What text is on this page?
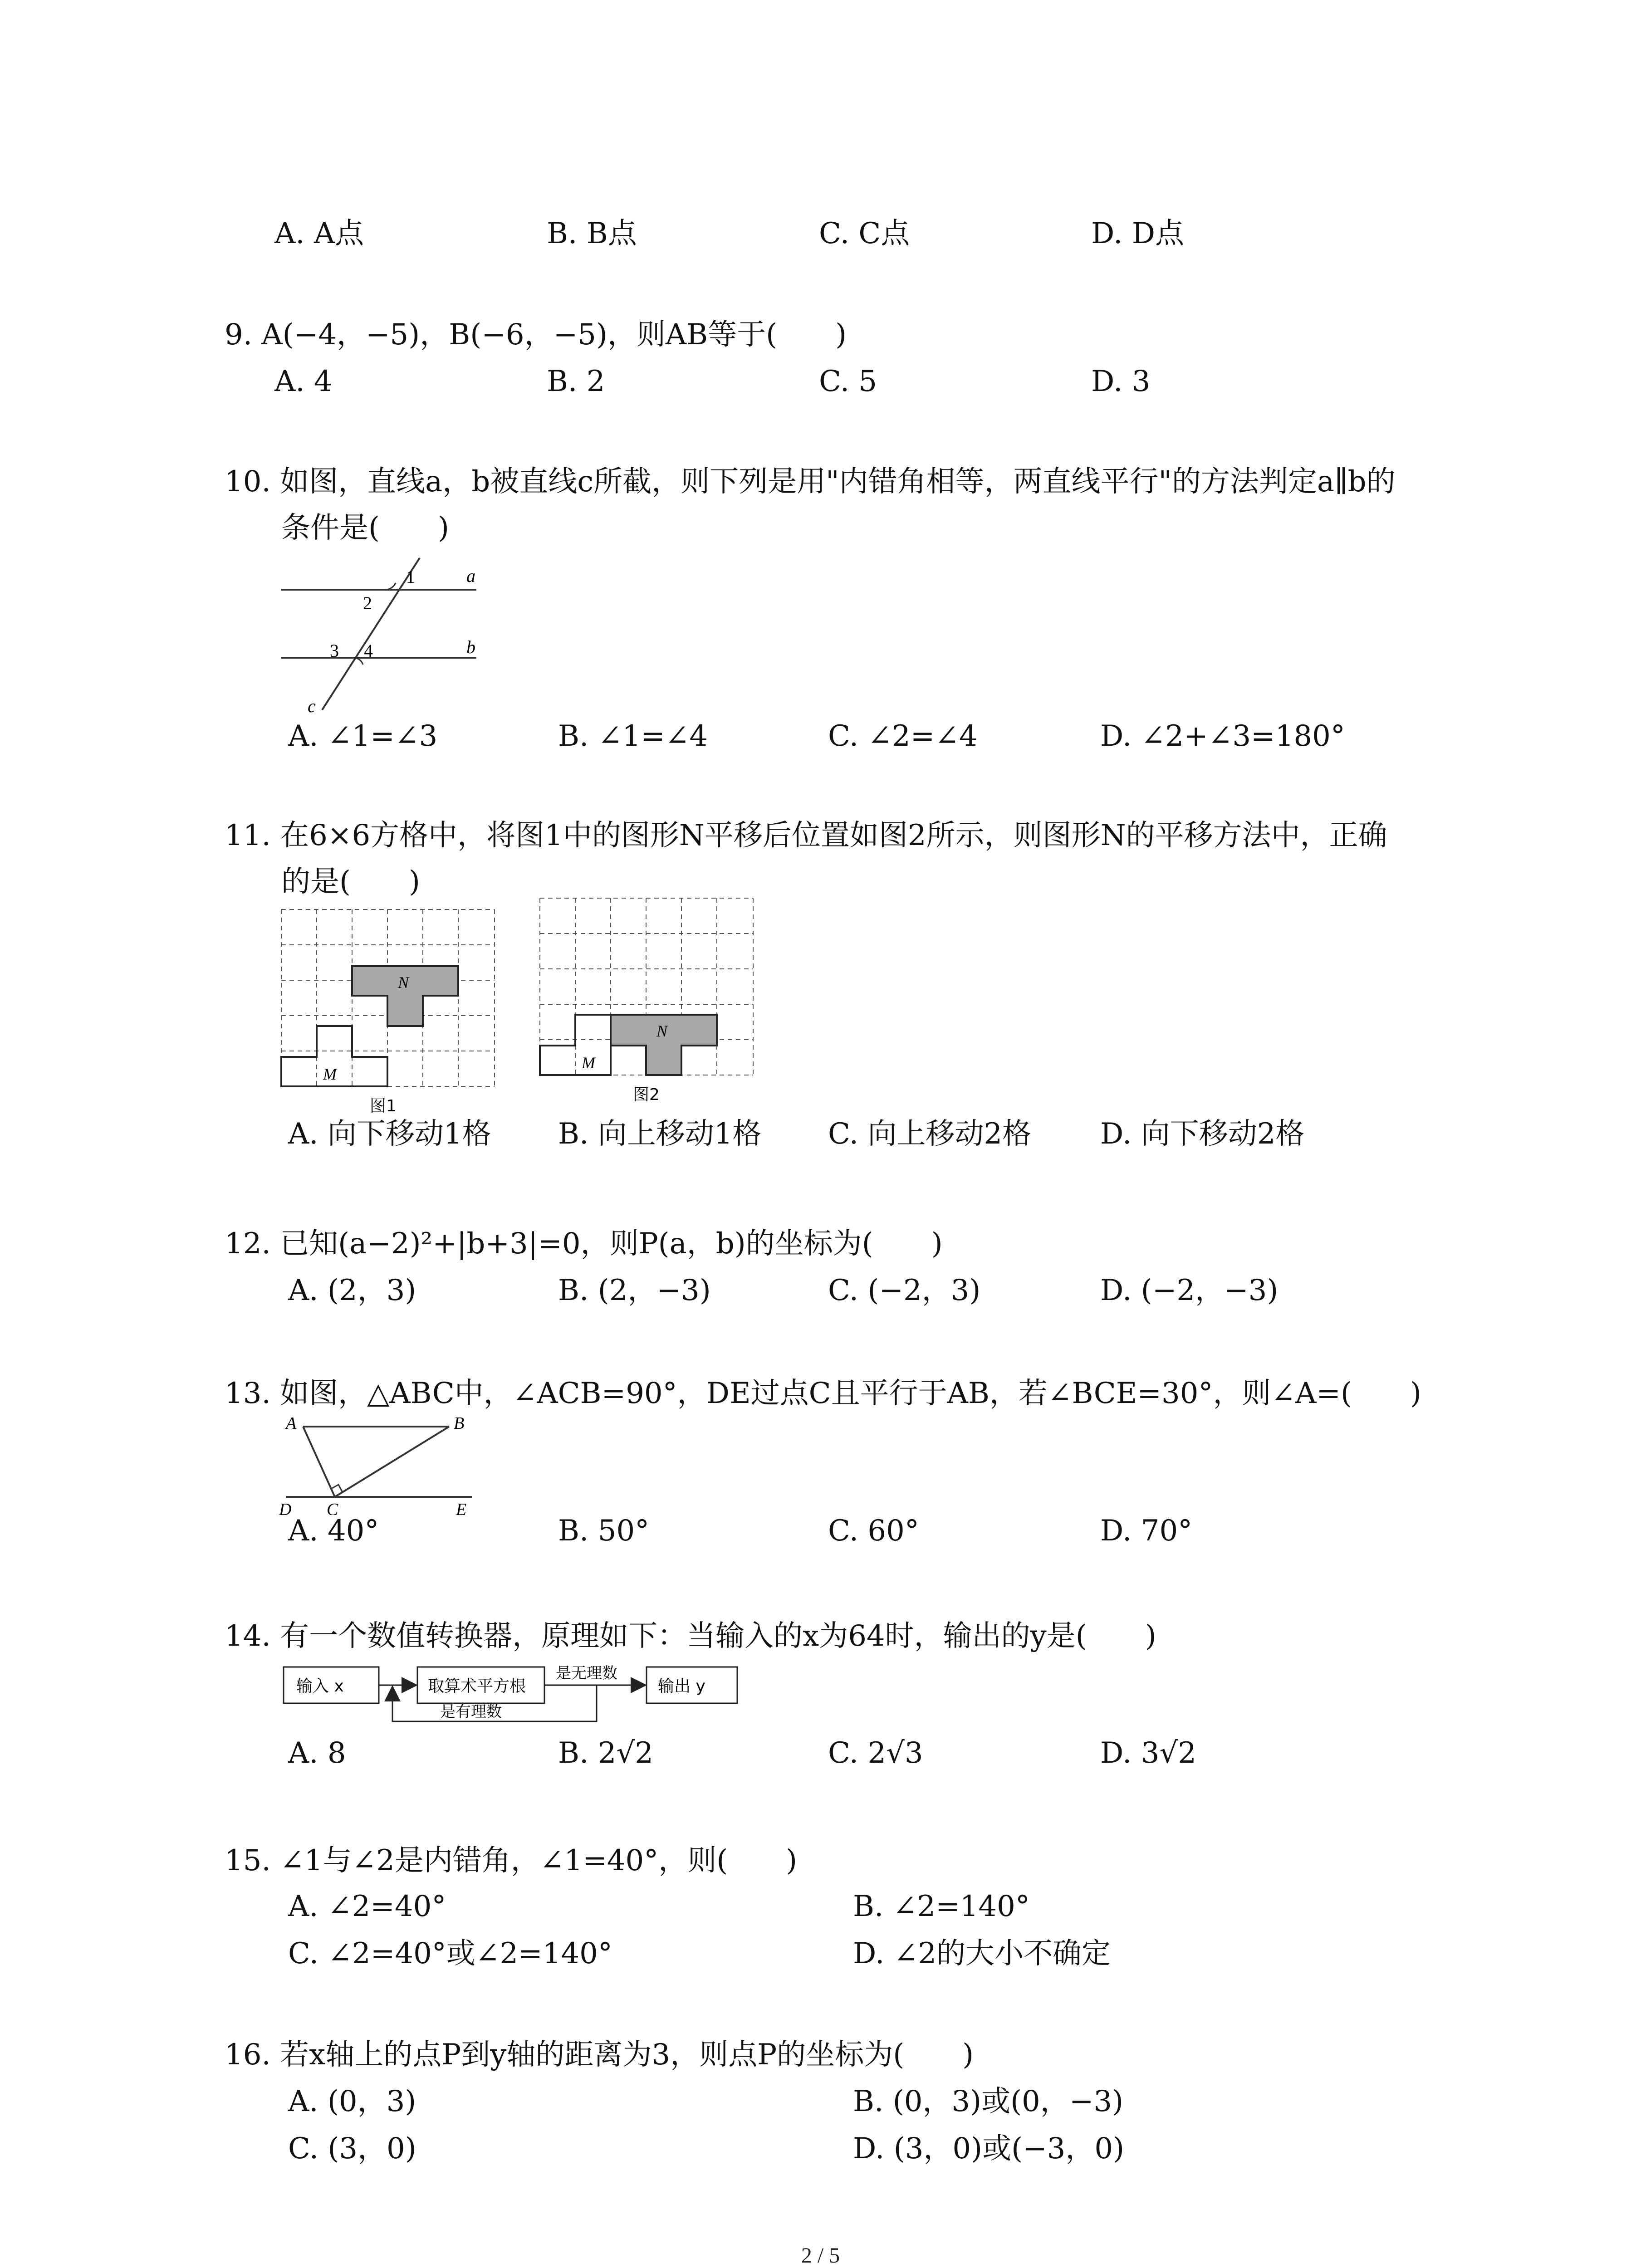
A. A点	B. B点	C. C点	D. D点
9. A(−4，−5)，B(−6，−5)，则AB等于(　　)
A. 4	B. 2	C. 5	D. 3
10. 如图，直线a，b被直线c所截，则下列是用"内错角相等，两直线平行"的方法判定a∥b的
条件是(　　)
1
2
3 4
a
b
c
A. ∠1=∠3	B. ∠1=∠4	C. ∠2=∠4	D. ∠2+∠3=180°
11. 在6×6方格中，将图1中的图形N平移后位置如图2所示，则图形N的平移方法中，正确
的是(　　)
N
M
图1
N
M
图2
A. 向下移动1格 B. 向上移动1格 C. 向上移动2格 D. 向下移动2格
12. 已知(a−2)²+|b+3|=0，则P(a，b)的坐标为(　　)
A. (2，3)	B. (2，−3)	C. (−2，3)	D. (−2，−3)
13. 如图，△ABC中，∠ACB=90°，DE过点C且平行于AB，若∠BCE=30°，则∠A=(　　)
A	B
D C	E
A. 40°	B. 50°	C. 60°	D. 70°
14. 有一个数值转换器，原理如下：当输入的x为64时，输出的y是(　　)
输入 x	取算术平方根
是无理数
输出 y
是有理数
A. 8	B. 2√2	C. 2√3	D. 3√2
15. ∠1与∠2是内错角，∠1=40°，则(　　)
A. ∠2=40°	B. ∠2=140°
C. ∠2=40°或∠2=140°	D. ∠2的大小不确定
16. 若x轴上的点P到y轴的距离为3，则点P的坐标为(　　)
A. (0，3)	B. (0，3)或(0，−3)
C. (3，0)	D. (3，0)或(−3，0)
2 / 5
